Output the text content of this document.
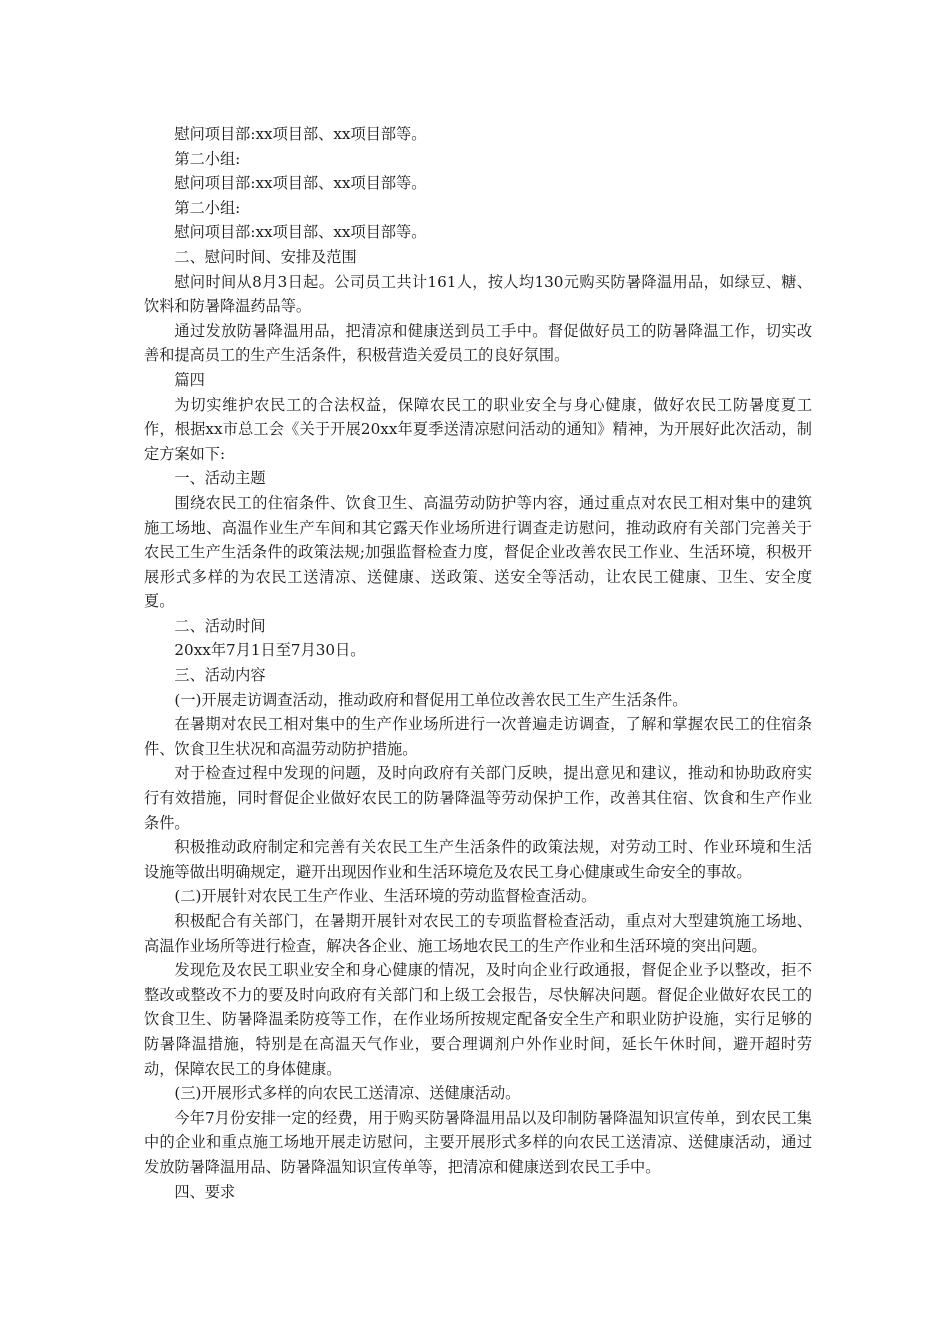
慰问项目部:xx项目部、xx项目部等。

第二小组:

慰问项目部:xx项目部、xx项目部等。

第二小组:

慰问项目部:xx项目部、xx项目部等。

二、慰问时间、安排及范围

慰问时间从8月3日起。公司员工共计161人，按人均130元购买防暑降温用品，如绿豆、糖、饮料和防暑降温药品等。

通过发放防暑降温用品，把清凉和健康送到员工手中。督促做好员工的防暑降温工作，切实改善和提高员工的生产生活条件，积极营造关爱员工的良好氛围。

篇四

为切实维护农民工的合法权益，保障农民工的职业安全与身心健康，做好农民工防暑度夏工作，根据xx市总工会《关于开展20xx年夏季送清凉慰问活动的通知》精神，为开展好此次活动，制定方案如下:

一、活动主题

围绕农民工的住宿条件、饮食卫生、高温劳动防护等内容，通过重点对农民工相对集中的建筑施工场地、高温作业生产车间和其它露天作业场所进行调查走访慰问，推动政府有关部门完善关于农民工生产生活条件的政策法规;加强监督检查力度，督促企业改善农民工作业、生活环境，积极开展形式多样的为农民工送清凉、送健康、送政策、送安全等活动，让农民工健康、卫生、安全度夏。

二、活动时间

20xx年7月1日至7月30日。

三、活动内容

(一)开展走访调查活动，推动政府和督促用工单位改善农民工生产生活条件。

在暑期对农民工相对集中的生产作业场所进行一次普遍走访调查，了解和掌握农民工的住宿条件、饮食卫生状况和高温劳动防护措施。

对于检查过程中发现的问题，及时向政府有关部门反映，提出意见和建议，推动和协助政府实行有效措施，同时督促企业做好农民工的防暑降温等劳动保护工作，改善其住宿、饮食和生产作业条件。

积极推动政府制定和完善有关农民工生产生活条件的政策法规，对劳动工时、作业环境和生活设施等做出明确规定，避开出现因作业和生活环境危及农民工身心健康或生命安全的事故。

(二)开展针对农民工生产作业、生活环境的劳动监督检查活动。

积极配合有关部门，在暑期开展针对农民工的专项监督检查活动，重点对大型建筑施工场地、高温作业场所等进行检查，解决各企业、施工场地农民工的生产作业和生活环境的突出问题。

发现危及农民工职业安全和身心健康的情况，及时向企业行政通报，督促企业予以整改，拒不整改或整改不力的要及时向政府有关部门和上级工会报告，尽快解决问题。督促企业做好农民工的饮食卫生、防暑降温柔防疫等工作，在作业场所按规定配备安全生产和职业防护设施，实行足够的防暑降温措施，特别是在高温天气作业，要合理调剂户外作业时间，延长午休时间，避开超时劳动，保障农民工的身体健康。

(三)开展形式多样的向农民工送清凉、送健康活动。

今年7月份安排一定的经费，用于购买防暑降温用品以及印制防暑降温知识宣传单，到农民工集中的企业和重点施工场地开展走访慰问，主要开展形式多样的向农民工送清凉、送健康活动，通过发放防暑降温用品、防暑降温知识宣传单等，把清凉和健康送到农民工手中。

四、要求
